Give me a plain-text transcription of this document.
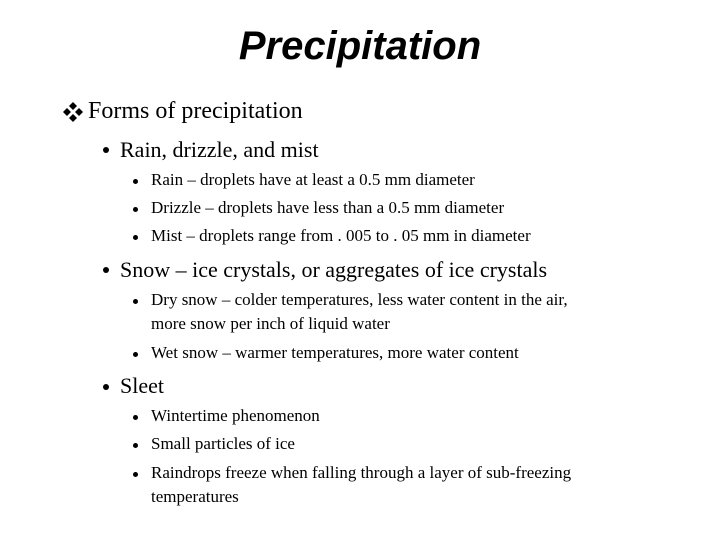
Precipitation
Forms of precipitation
Rain, drizzle, and mist
Rain – droplets have at least a 0.5 mm diameter
Drizzle – droplets have less than a 0.5 mm diameter
Mist – droplets range from . 005 to . 05 mm in diameter
Snow – ice crystals, or aggregates of ice crystals
Dry snow – colder temperatures, less water content in the air,
more snow per inch of liquid water
Wet snow – warmer temperatures, more water content
Sleet
Wintertime phenomenon
Small particles of ice
Raindrops freeze when falling through a layer of sub-freezing
temperatures
